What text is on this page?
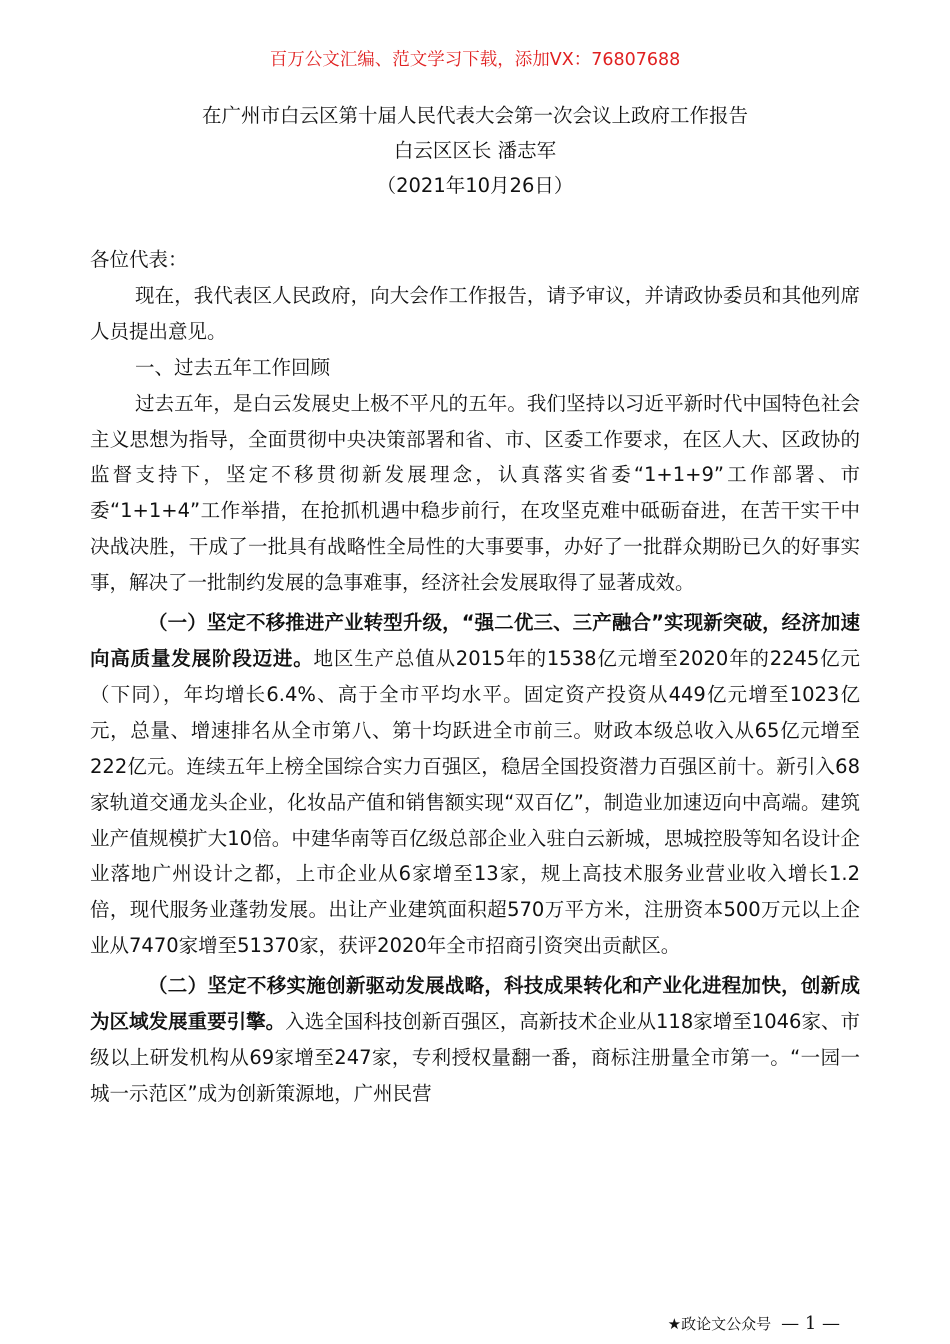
百万公文汇编、范文学习下载，添加VX：76807688
在广州市白云区第十届人民代表大会第一次会议上政府工作报告
白云区区长 潘志军
（2021年10月26日）

各位代表：

现在，我代表区人民政府，向大会作工作报告，请予审议，并请政协委员和其他列席人员提出意见。

一、过去五年工作回顾

过去五年，是白云发展史上极不平凡的五年。我们坚持以习近平新时代中国特色社会主义思想为指导，全面贯彻中央决策部署和省、市、区委工作要求，在区人大、区政协的监督支持下，坚定不移贯彻新发展理念，认真落实省委“1+1+9”工作部署、市委“1+1+4”工作举措，在抢抓机遇中稳步前行，在攻坚克难中砥砺奋进，在苦干实干中决战决胜，干成了一批具有战略性全局性的大事要事，办好了一批群众期盼已久的好事实事，解决了一批制约发展的急事难事，经济社会发展取得了显著成效。

（一）坚定不移推进产业转型升级，“强二优三、三产融合”实现新突破，经济加速向高质量发展阶段迈进。地区生产总值从2015年的1538亿元增至2020年的2245亿元（下同），年均增长6.4%、高于全市平均水平。固定资产投资从449亿元增至1023亿元，总量、增速排名从全市第八、第十均跃进全市前三。财政本级总收入从65亿元增至222亿元。连续五年上榜全国综合实力百强区，稳居全国投资潜力百强区前十。新引入68家轨道交通龙头企业，化妆品产值和销售额实现“双百亿”，制造业加速迈向中高端。建筑业产值规模扩大10倍。中建华南等百亿级总部企业入驻白云新城，思城控股等知名设计企业落地广州设计之都，上市企业从6家增至13家，规上高技术服务业营业收入增长1.2倍，现代服务业蓬勃发展。出让产业建筑面积超570万平方米，注册资本500万元以上企业从7470家增至51370家，获评2020年全市招商引资突出贡献区。

（二）坚定不移实施创新驱动发展战略，科技成果转化和产业化进程加快，创新成为区域发展重要引擎。入选全国科技创新百强区，高新技术企业从118家增至1046家、市级以上研发机构从69家增至247家，专利授权量翻一番，商标注册量全市第一。“一园一城一示范区”成为创新策源地，广州民营

★政论文公众号 — 1 —
